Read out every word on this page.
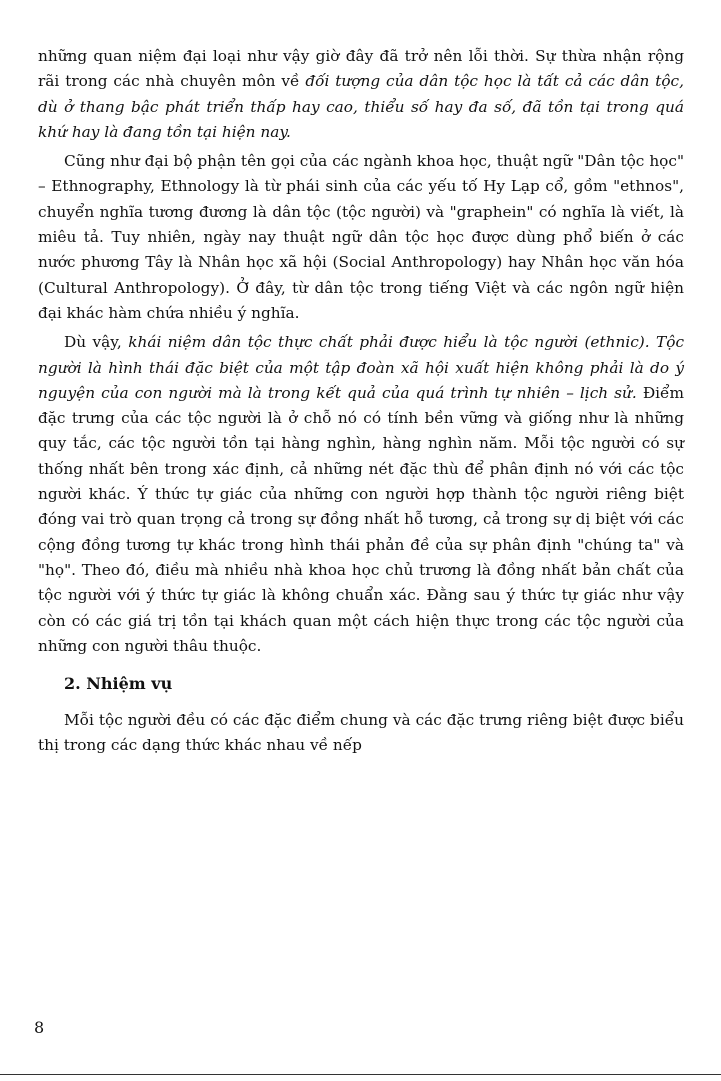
những quan niệm đại loại như vậy giờ đây đã trở nên lỗi thời. Sự thừa nhận rộng rãi trong các nhà chuyên môn về đối tượng của dân tộc học là tất cả các dân tộc, dù ở thang bậc phát triển thấp hay cao, thiểu số hay đa số, đã tồn tại trong quá khứ hay là đang tồn tại hiện nay.

Cũng như đại bộ phận tên gọi của các ngành khoa học, thuật ngữ "Dân tộc học" – Ethnography, Ethnology là từ phái sinh của các yếu tố Hy Lạp cổ, gồm "ethnos", chuyển nghĩa tương đương là dân tộc (tộc người) và "graphein" có nghĩa là viết, là miêu tả. Tuy nhiên, ngày nay thuật ngữ dân tộc học được dùng phổ biến ở các nước phương Tây là Nhân học xã hội (Social Anthropology) hay Nhân học văn hóa (Cultural Anthropology). Ở đây, từ dân tộc trong tiếng Việt và các ngôn ngữ hiện đại khác hàm chứa nhiều ý nghĩa.

Dù vậy, khái niệm dân tộc thực chất phải được hiểu là tộc người (ethnic). Tộc người là hình thái đặc biệt của một tập đoàn xã hội xuất hiện không phải là do ý nguyện của con người mà là trong kết quả của quá trình tự nhiên – lịch sử. Điểm đặc trưng của các tộc người là ở chỗ nó có tính bền vững và giống như là những quy tắc, các tộc người tồn tại hàng nghìn, hàng nghìn năm. Mỗi tộc người có sự thống nhất bên trong xác định, cả những nét đặc thù để phân định nó với các tộc người khác. Ý thức tự giác của những con người hợp thành tộc người riêng biệt đóng vai trò quan trọng cả trong sự đồng nhất hỗ tương, cả trong sự dị biệt với các cộng đồng tương tự khác trong hình thái phản đề của sự phân định "chúng ta" và "họ". Theo đó, điều mà nhiều nhà khoa học chủ trương là đồng nhất bản chất của tộc người với ý thức tự giác là không chuẩn xác. Đằng sau ý thức tự giác như vậy còn có các giá trị tồn tại khách quan một cách hiện thực trong các tộc người của những con người thâu thuộc.

2. Nhiệm vụ

Mỗi tộc người đều có các đặc điểm chung và các đặc trưng riêng biệt được biểu thị trong các dạng thức khác nhau về nếp

8
